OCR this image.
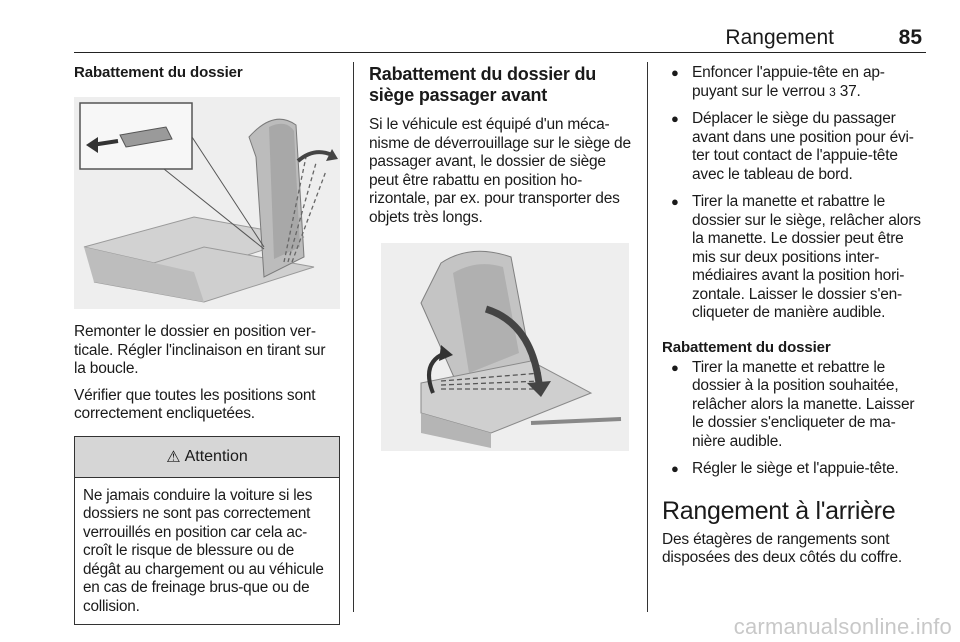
Rangement	85
Rabattement du dossier

Remonter le dossier en position ver-ticale. Régler l'inclinaison en tirant sur la boucle.

Vérifier que toutes les positions sont correctement encliquetées.

⚠ Attention

Ne jamais conduire la voiture si les dossiers ne sont pas correctement verrouillés en position car cela ac-croît le risque de blessure ou de dégât au chargement ou au véhicule en cas de freinage brus-que ou de collision.

Rabattement du dossier du siège passager avant

Si le véhicule est équipé d'un méca-nisme de déverrouillage sur le siège de passager avant, le dossier de siège peut être rabattu en position ho-rizontale, par ex. pour transporter des objets très longs.

● Enfoncer l'appuie-tête en ap-puyant sur le verrou 3 37.
● Déplacer le siège du passager avant dans une position pour évi-ter tout contact de l'appuie-tête avec le tableau de bord.
● Tirer la manette et rabattre le dossier sur le siège, relâcher alors la manette. Le dossier peut être mis sur deux positions inter-médiaires avant la position hori-zontale. Laisser le dossier s'en-cliqueter de manière audible.
Rabattement du dossier
● Tirer la manette et rebattre le dossier à la position souhaitée, relâcher alors la manette. Laisser le dossier s'encliqueter de ma-nière audible.
● Régler le siège et l'appuie-tête.
Rangement à l'arrière

Des étagères de rangements sont disposées des deux côtés du coffre.

carmanualsonline.info
